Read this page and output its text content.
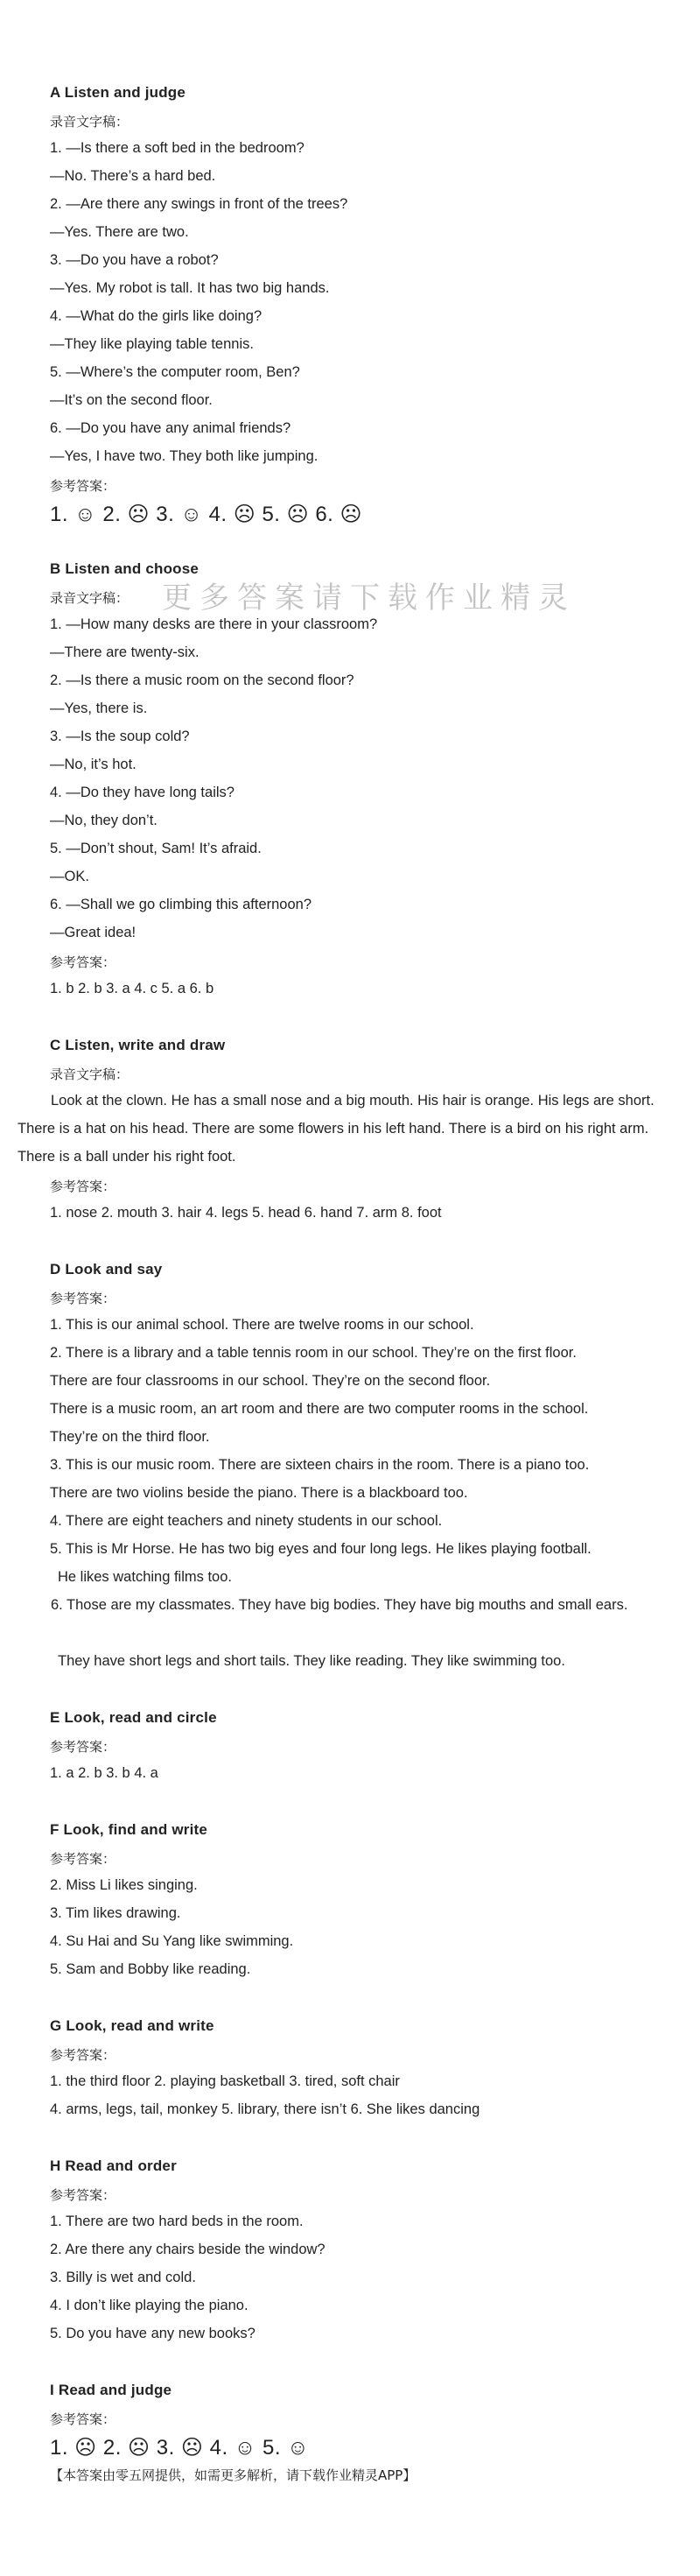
更多答案请下载作业精灵
A Listen and judge
录音文字稿：
1. —Is there a soft bed in the bedroom?
—No. There’s a hard bed.
2. —Are there any swings in front of the trees?
—Yes. There are two.
3. —Do you have a robot?
—Yes. My robot is tall. It has two big hands.
4. —What do the girls like doing?
—They like playing table tennis.
5. —Where’s the computer room, Ben?
—It’s on the second floor.
6. —Do you have any animal friends?
—Yes, I have two. They both like jumping.
参考答案：
1. ☺ 2. ☹ 3. ☺ 4. ☹ 5. ☹ 6. ☹
B Listen and choose
录音文字稿：
1. —How many desks are there in your classroom?
—There are twenty-six.
2. —Is there a music room on the second floor?
—Yes, there is.
3. —Is the soup cold?
—No, it’s hot.
4. —Do they have long tails?
—No, they don’t.
5. —Don’t shout, Sam! It’s afraid.
—OK.
6. —Shall we go climbing this afternoon?
—Great idea!
参考答案：
1. b 2. b 3. a 4. c 5. a 6. b
C Listen, write and draw
录音文字稿：
Look at the clown. He has a small nose and a big mouth. His hair is orange. His legs are short. There is a hat on his head. There are some flowers in his left hand. There is a bird on his right arm. There is a ball under his right foot.
参考答案：
1. nose 2. mouth 3. hair 4. legs 5. head 6. hand 7. arm 8. foot
D Look and say
参考答案：
1. This is our animal school. There are twelve rooms in our school.
2. There is a library and a table tennis room in our school. They’re on the first floor.
There are four classrooms in our school. They’re on the second floor.
There is a music room, an art room and there are two computer rooms in the school.
They’re on the third floor.
3. This is our music room. There are sixteen chairs in the room. There is a piano too.
There are two violins beside the piano. There is a blackboard too.
4. There are eight teachers and ninety students in our school.
5. This is Mr Horse. He has two big eyes and four long legs. He likes playing football.
He likes watching films too.
6. Those are my classmates. They have big bodies. They have big mouths and small ears.
They have short legs and short tails. They like reading. They like swimming too.
E Look, read and circle
参考答案：
1. a 2. b 3. b 4. a
F Look, find and write
参考答案：
2. Miss Li likes singing.
3. Tim likes drawing.
4. Su Hai and Su Yang like swimming.
5. Sam and Bobby like reading.
G Look, read and write
参考答案：
1. the third floor 2. playing basketball 3. tired, soft chair
4. arms, legs, tail, monkey 5. library, there isn’t 6. She likes dancing
H Read and order
参考答案：
1. There are two hard beds in the room.
2. Are there any chairs beside the window?
3. Billy is wet and cold.
4. I don’t like playing the piano.
5. Do you have any new books?
I Read and judge
参考答案：
1. ☹ 2. ☹ 3. ☹ 4. ☺ 5. ☺
【本答案由零五网提供，如需更多解析，请下载作业精灵APP】
